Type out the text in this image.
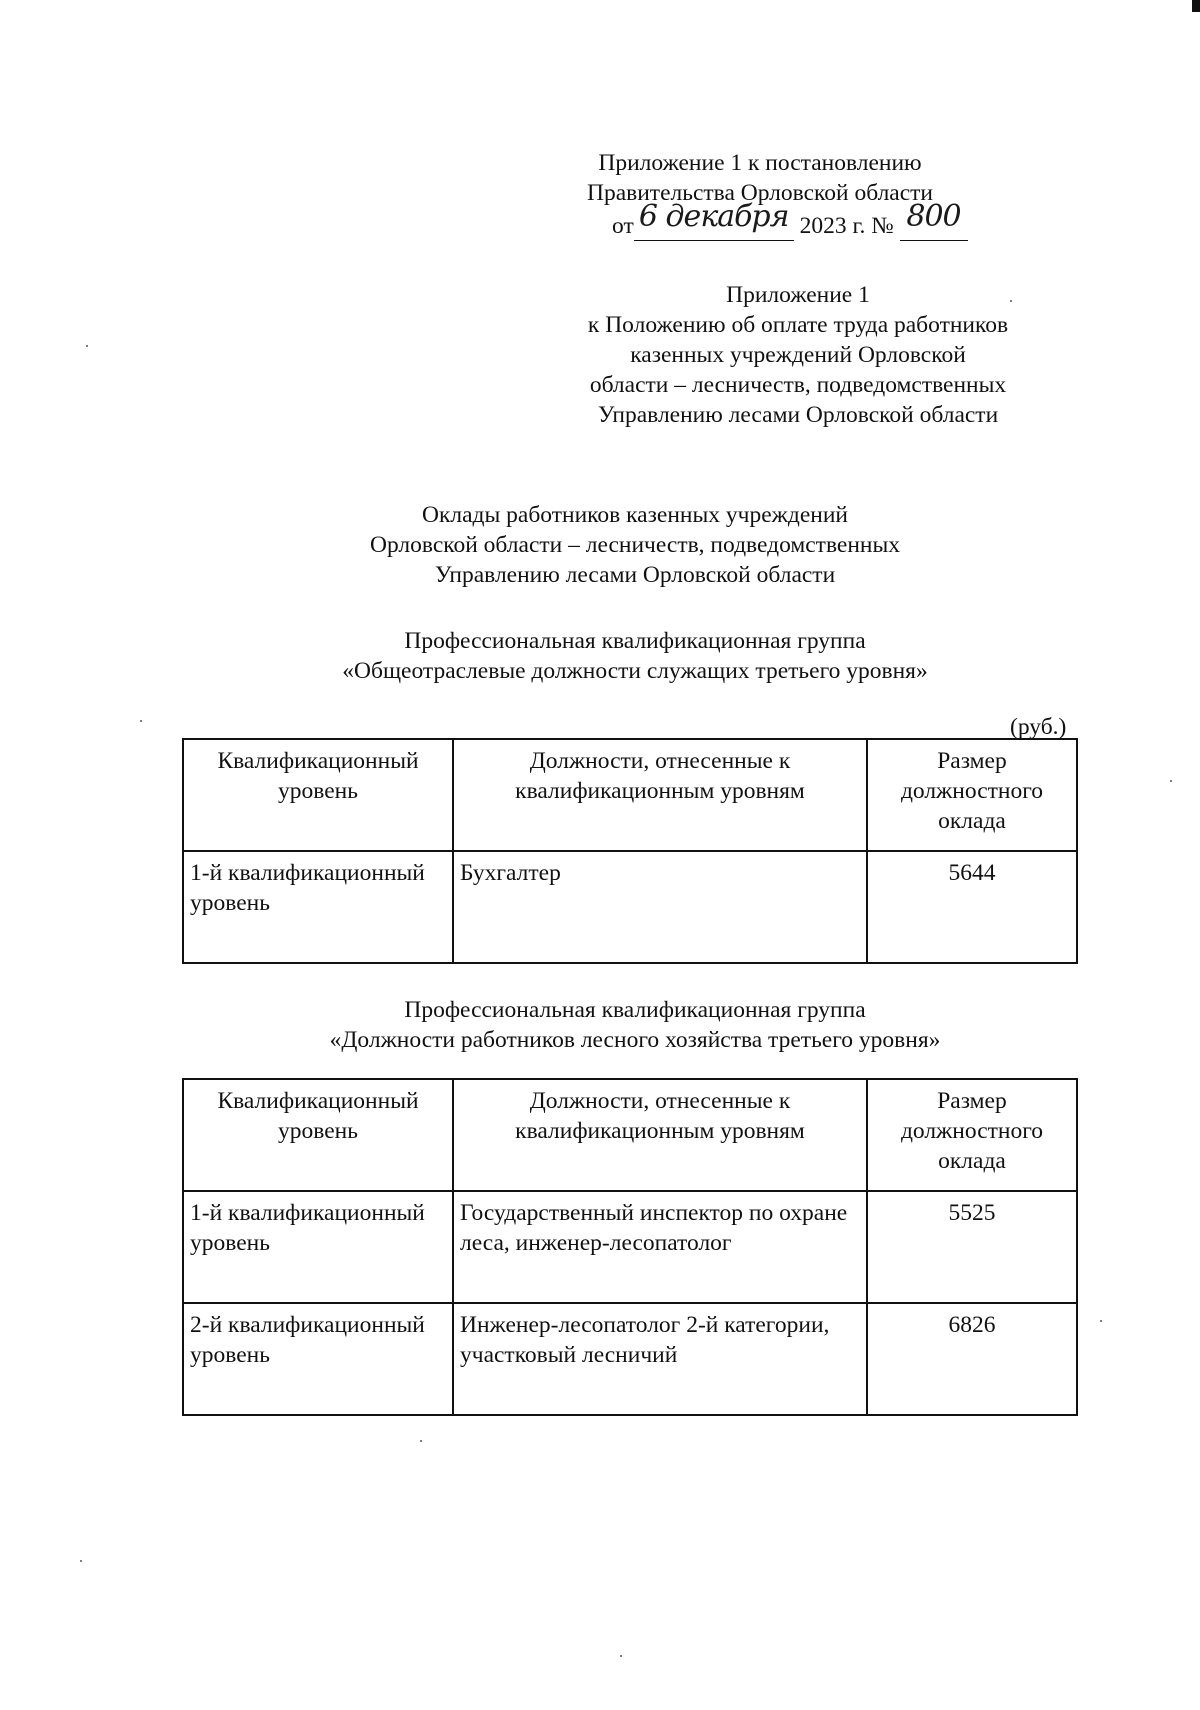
Приложение 1 к постановлению
Правительства Орловской области
от 6 декабря 2023 г. № 800
Приложение 1
к Положению об оплате труда работников
казенных учреждений Орловской
области – лесничеств, подведомственных
Управлению лесами Орловской области
Оклады работников казенных учреждений
Орловской области – лесничеств, подведомственных
Управлению лесами Орловской области
Профессиональная квалификационная группа
«Общеотраслевые должности служащих третьего уровня»
(руб.)
Квалификационный уровень	Должности, отнесенные к квалификационным уровням	Размер должностного оклада
1-й квалификационный уровень	Бухгалтер	5644
Профессиональная квалификационная группа
«Должности работников лесного хозяйства третьего уровня»
Квалификационный уровень	Должности, отнесенные к квалификационным уровням	Размер должностного оклада
1-й квалификационный уровень	Государственный инспектор по охране леса, инженер-лесопатолог	5525
2-й квалификационный уровень	Инженер-лесопатолог 2-й категории, участковый лесничий	6826
